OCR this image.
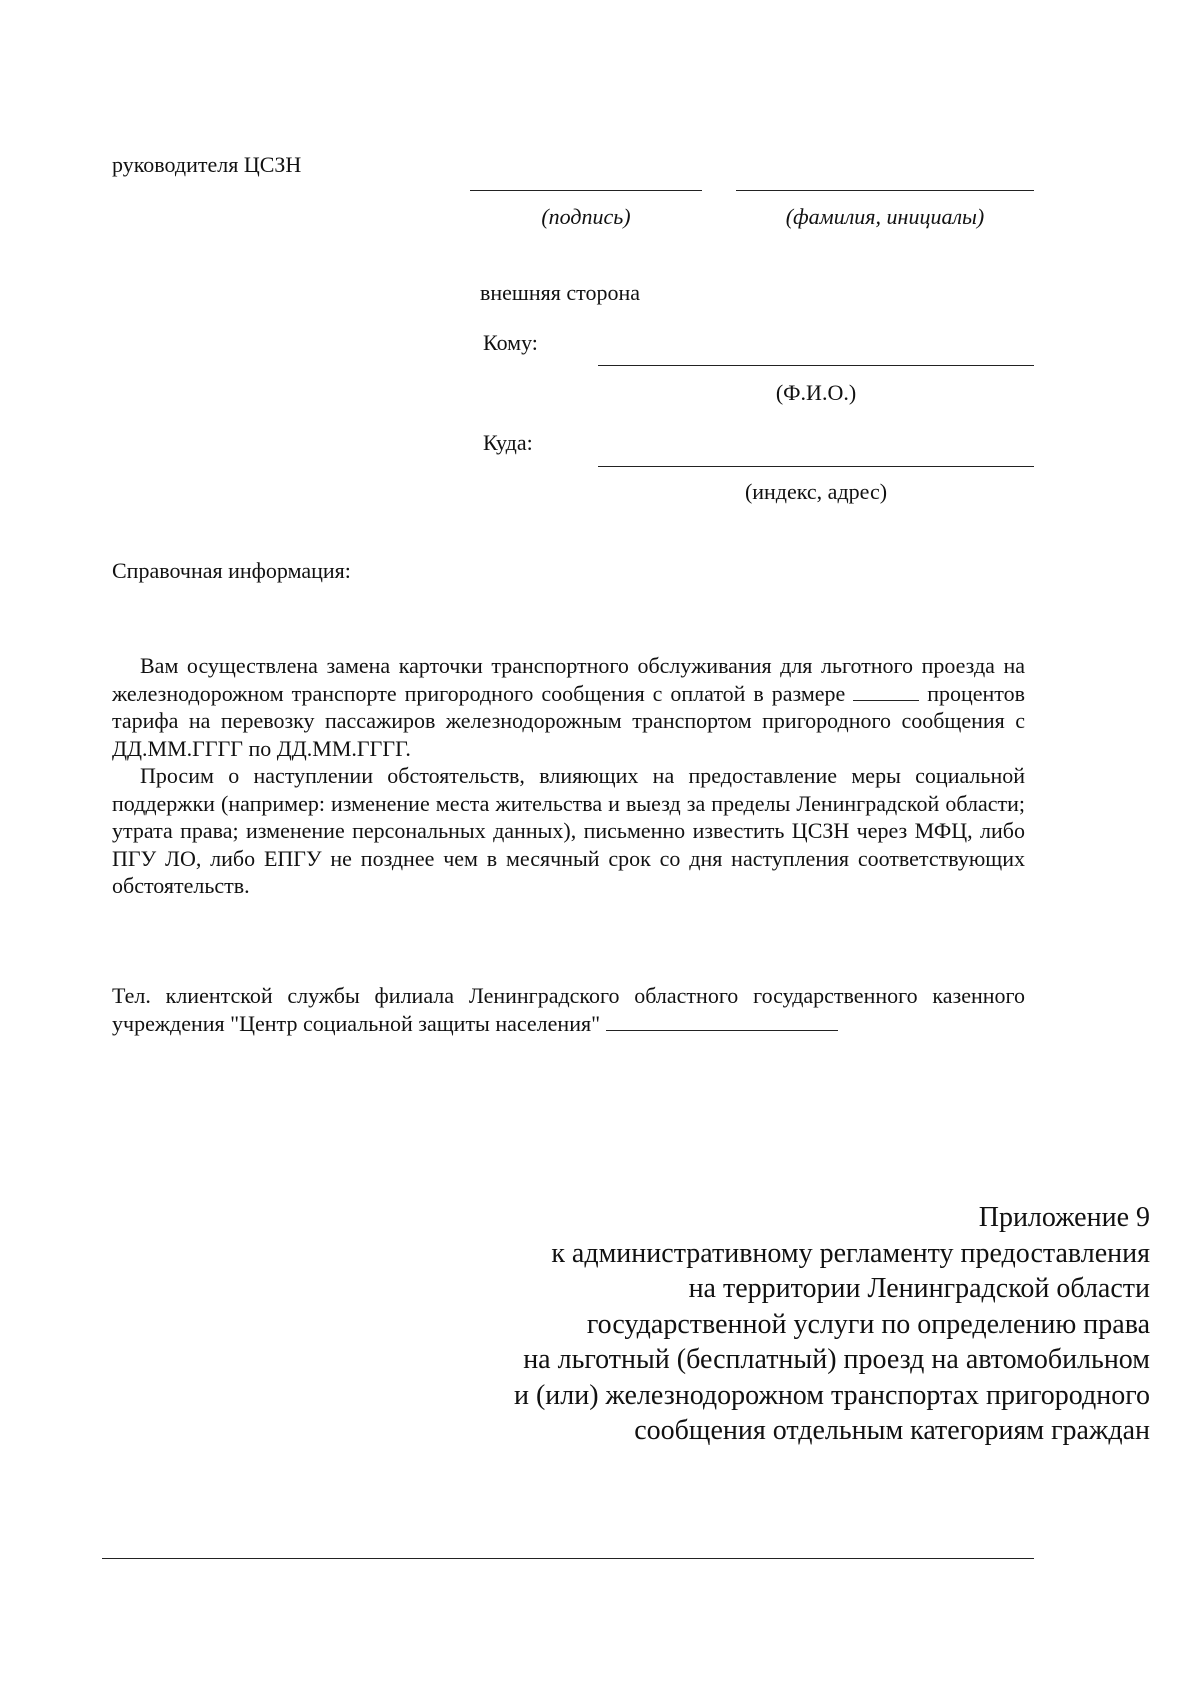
руководителя ЦСЗН
(подпись)	(фамилия, инициалы)
внешняя сторона
Кому:
(Ф.И.О.)
Куда:
(индекс, адрес)
Справочная информация:

Вам осуществлена замена карточки транспортного обслуживания для льготного проезда на железнодорожном транспорте пригородного сообщения с оплатой в размере	процентов тарифа на перевозку пассажиров железнодорожным транспортом пригородного сообщения с ДД.ММ.ГГГГ по ДД.ММ.ГГГГ.

Просим о наступлении обстоятельств, влияющих на предоставление меры социальной поддержки (например: изменение места жительства и выезд за пределы Ленинградской области; утрата права; изменение персональных данных), письменно известить ЦСЗН через МФЦ, либо ПГУ ЛО, либо ЕПГУ не позднее чем в месячный срок со дня наступления соответствующих обстоятельств.

Тел. клиентской службы филиала Ленинградского областного государственного казенного учреждения "Центр социальной защиты населения"

Приложение 9
к административному регламенту предоставления
на территории Ленинградской области
государственной услуги по определению права
на льготный (бесплатный) проезд на автомобильном
и (или) железнодорожном транспортах пригородного
сообщения отдельным категориям граждан
